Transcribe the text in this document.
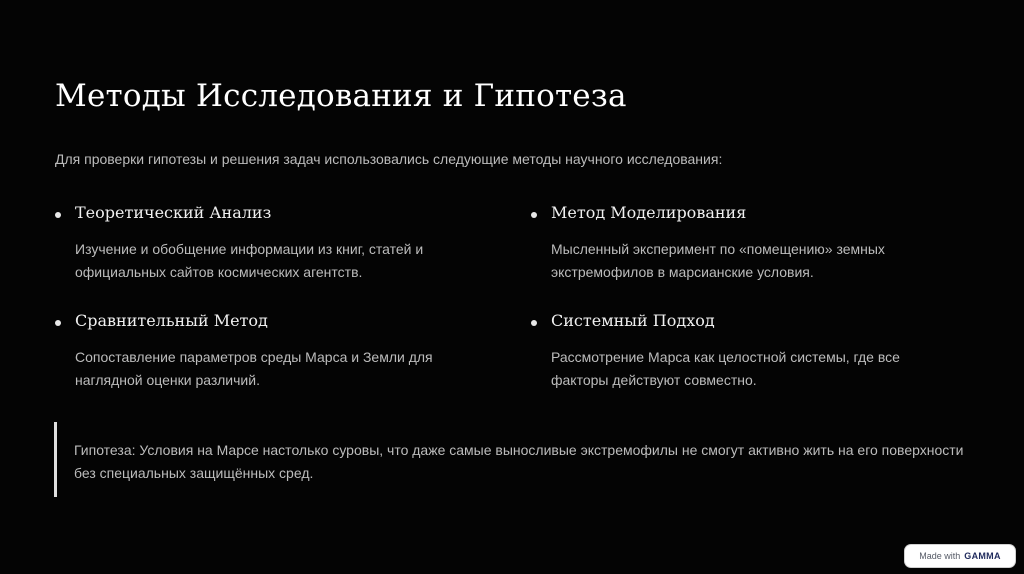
Методы Исследования и Гипотеза
Для проверки гипотезы и решения задач использовались следующие методы научного исследования:
Теоретический Анализ
Изучение и обобщение информации из книг, статей и официальных сайтов космических агентств.
Метод Моделирования
Мысленный эксперимент по «помещению» земных экстремофилов в марсианские условия.
Сравнительный Метод
Сопоставление параметров среды Марса и Земли для наглядной оценки различий.
Системный Подход
Рассмотрение Марса как целостной системы, где все факторы действуют совместно.
Гипотеза: Условия на Марсе настолько суровы, что даже самые выносливые экстремофилы не смогут активно жить на его поверхности без специальных защищённых сред.
Made with GAMMA
